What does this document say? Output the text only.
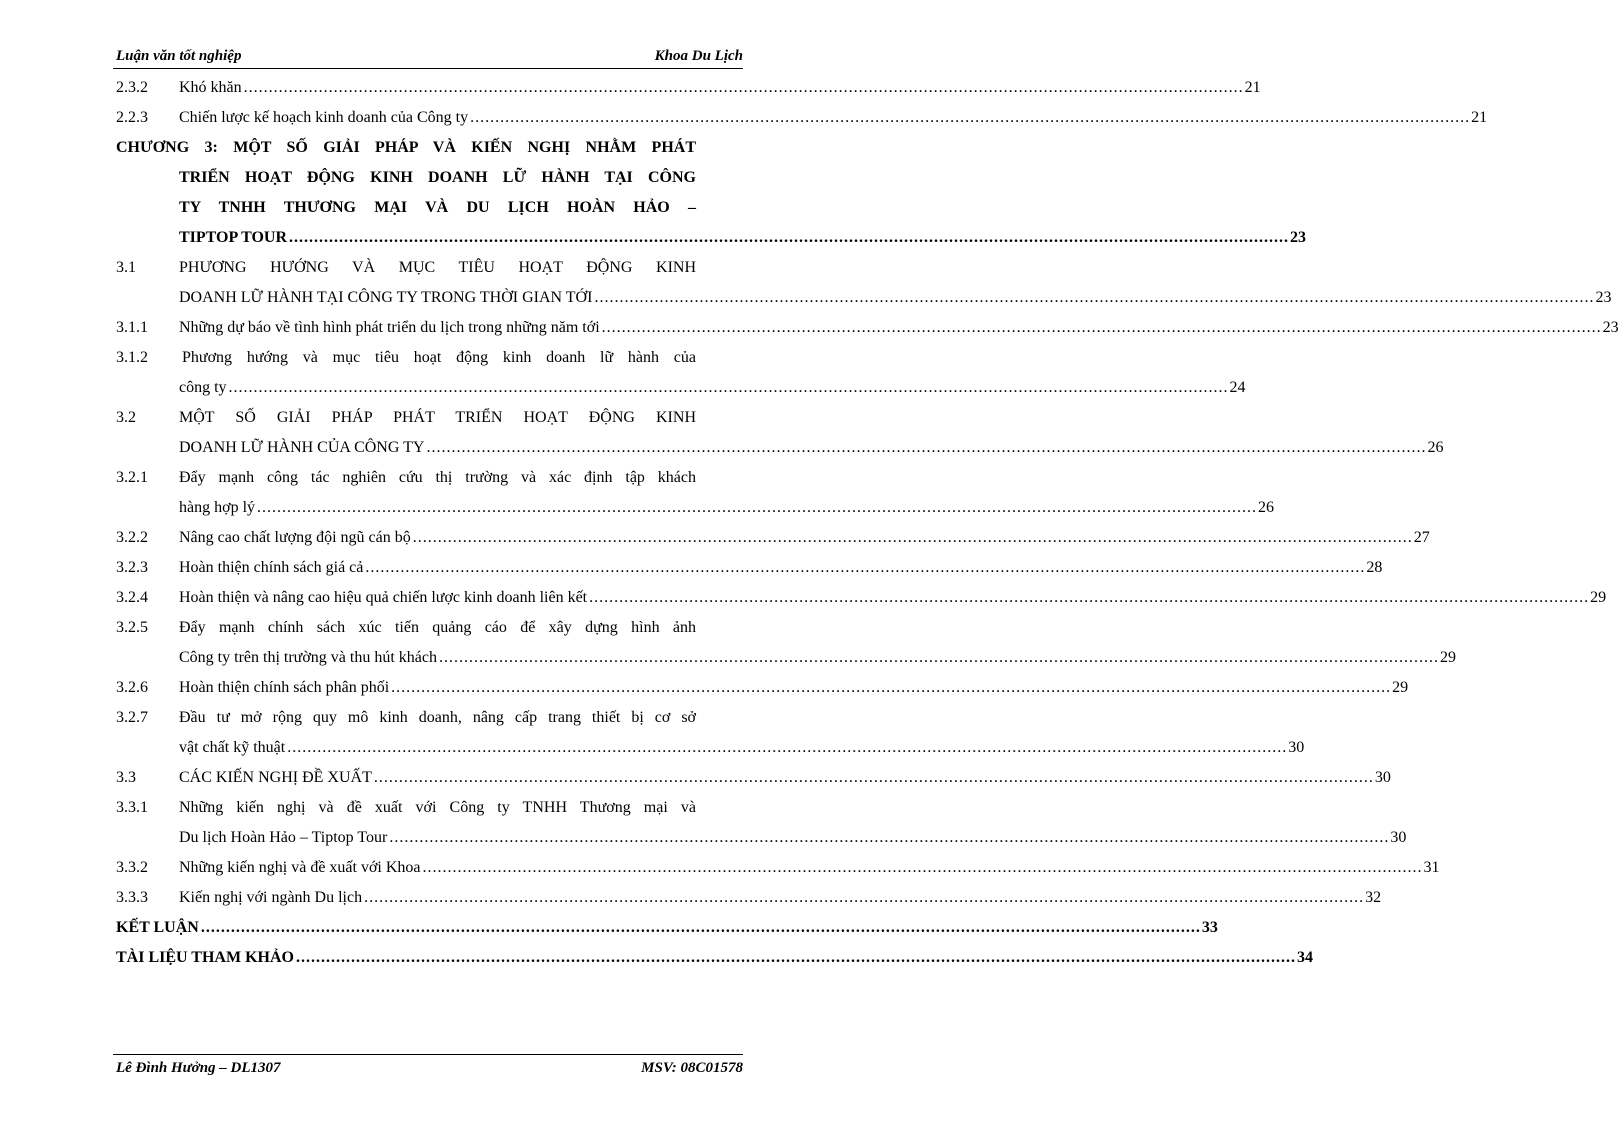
Luận văn tốt nghiệp	Khoa Du Lịch
2.3.2 Khó khăn ........................................................................................................................................................................................................ 21
2.2.3 Chiến lược kế hoạch kinh doanh của Công ty ........................................................................................................................................................................................................ 21
CHƯƠNG 3: MỘT SỐ GIẢI PHÁP VÀ KIẾN NGHỊ NHẰM PHÁT
TRIỂN HOẠT ĐỘNG KINH DOANH LỮ HÀNH TẠI CÔNG
TY TNHH THƯƠNG MẠI VÀ DU LỊCH HOÀN HẢO –
TIPTOP TOUR ........................................................................................................................................................................................................ 23
3.1	PHƯƠNG HƯỚNG VÀ MỤC TIÊU HOẠT ĐỘNG KINH
DOANH LỮ HÀNH TẠI CÔNG TY TRONG THỜI GIAN TỚI ........................................................................................................................................................................................................ 23
3.1.1 Những dự báo về tình hình phát triển du lịch trong những năm tới ........................................................................................................................................................................................................ 23
3.1.2 Phương hướng và mục tiêu hoạt động kinh doanh lữ hành của
công ty ........................................................................................................................................................................................................ 24
3.2	MỘT SỐ GIẢI PHÁP PHÁT TRIỂN HOẠT ĐỘNG KINH
DOANH LỮ HÀNH CỦA CÔNG TY ........................................................................................................................................................................................................ 26
3.2.1 Đẩy mạnh công tác nghiên cứu thị trường và xác định tập khách
hàng hợp lý ........................................................................................................................................................................................................ 26
3.2.2 Nâng cao chất lượng đội ngũ cán bộ ........................................................................................................................................................................................................ 27
3.2.3 Hoàn thiện chính sách giá cả ........................................................................................................................................................................................................ 28
3.2.4 Hoàn thiện và nâng cao hiệu quả chiến lược kinh doanh liên kết ........................................................................................................................................................................................................ 29
3.2.5 Đẩy mạnh chính sách xúc tiến quảng cáo để xây dựng hình ảnh
Công ty trên thị trường và thu hút khách ........................................................................................................................................................................................................ 29
3.2.6 Hoàn thiện chính sách phân phối ........................................................................................................................................................................................................ 29
3.2.7 Đầu tư mở rộng quy mô kinh doanh, nâng cấp trang thiết bị cơ sở
vật chất kỹ thuật ........................................................................................................................................................................................................ 30
3.3	CÁC KIẾN NGHỊ ĐỀ XUẤT ........................................................................................................................................................................................................ 30
3.3.1 Những kiến nghị và đề xuất với Công ty TNHH Thương mại và
Du lịch Hoàn Hảo – Tiptop Tour ........................................................................................................................................................................................................ 30
3.3.2 Những kiến nghị và đề xuất với Khoa ........................................................................................................................................................................................................ 31
3.3.3 Kiến nghị với ngành Du lịch ........................................................................................................................................................................................................ 32
KẾT LUẬN ........................................................................................................................................................................................................ 33
TÀI LIỆU THAM KHẢO ........................................................................................................................................................................................................ 34
Lê Đình Hưởng – DL1307	MSV: 08C01578
